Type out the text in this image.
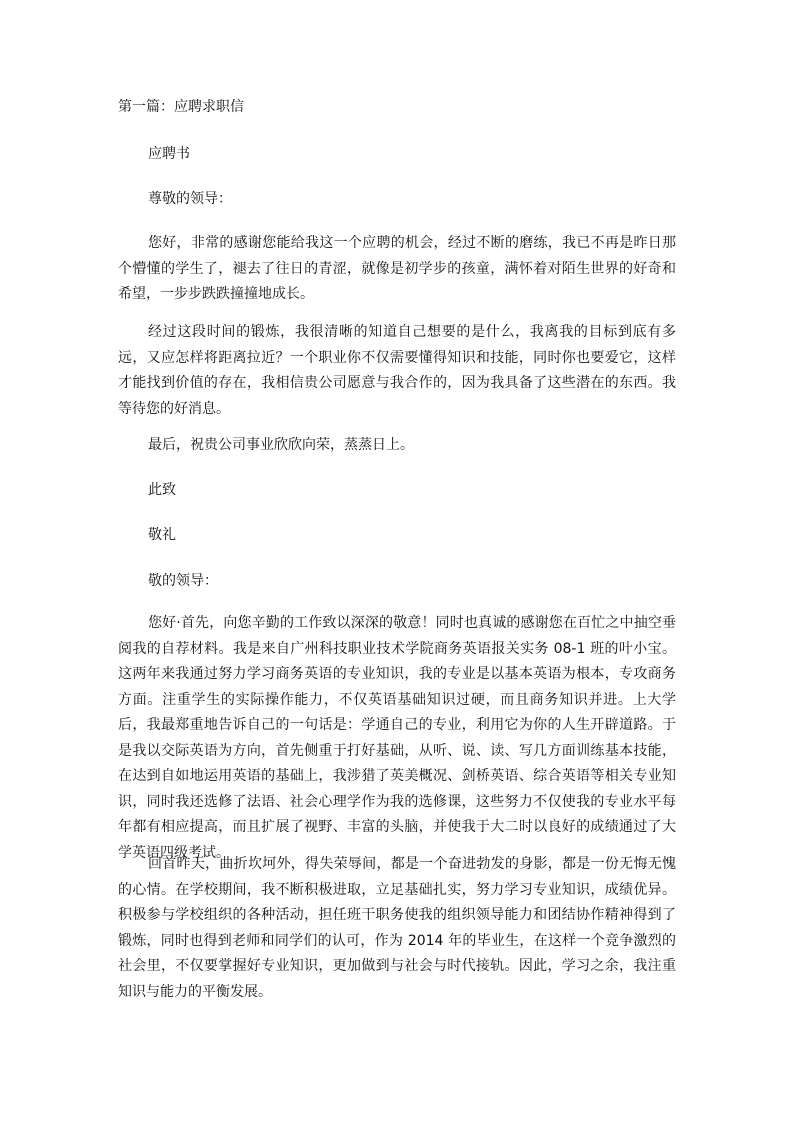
第一篇：应聘求职信
应聘书
尊敬的领导：

您好，非常的感谢您能给我这一个应聘的机会，经过不断的磨练，我已不再是昨日那个懵懂的学生了，褪去了往日的青涩，就像是初学步的孩童，满怀着对陌生世界的好奇和希望，一步步跌跌撞撞地成长。

经过这段时间的锻炼，我很清晰的知道自己想要的是什么，我离我的目标到底有多远，又应怎样将距离拉近？一个职业你不仅需要懂得知识和技能，同时你也要爱它，这样才能找到价值的存在，我相信贵公司愿意与我合作的，因为我具备了这些潜在的东西。我等待您的好消息。

最后，祝贵公司事业欣欣向荣，蒸蒸日上。
此致
敬礼
敬的领导：

您好·首先，向您辛勤的工作致以深深的敬意！同时也真诚的感谢您在百忙之中抽空垂阅我的自荐材料。我是来自广州科技职业技术学院商务英语报关实务 08-1 班的叶小宝。这两年来我通过努力学习商务英语的专业知识，我的专业是以基本英语为根本，专攻商务方面。注重学生的实际操作能力，不仅英语基础知识过硬，而且商务知识并进。上大学后，我最郑重地告诉自己的一句话是：学通自己的专业，利用它为你的人生开辟道路。于是我以交际英语为方向，首先侧重于打好基础，从听、说、读、写几方面训练基本技能，在达到自如地运用英语的基础上，我涉猎了英美概况、剑桥英语、综合英语等相关专业知识，同时我还选修了法语、社会心理学作为我的选修课，这些努力不仅使我的专业水平每年都有相应提高，而且扩展了视野、丰富的头脑，并使我于大二时以良好的成绩通过了大学英语四级考试。

回首昨天，曲折坎坷外，得失荣辱间，都是一个奋进勃发的身影，都是一份无悔无愧的心情。在学校期间，我不断积极进取，立足基础扎实，努力学习专业知识，成绩优异。积极参与学校组织的各种活动，担任班干职务使我的组织领导能力和团结协作精神得到了锻炼，同时也得到老师和同学们的认可，作为 2014 年的毕业生，在这样一个竞争激烈的社会里，不仅要掌握好专业知识，更加做到与社会与时代接轨。因此，学习之余，我注重知识与能力的平衡发展。
